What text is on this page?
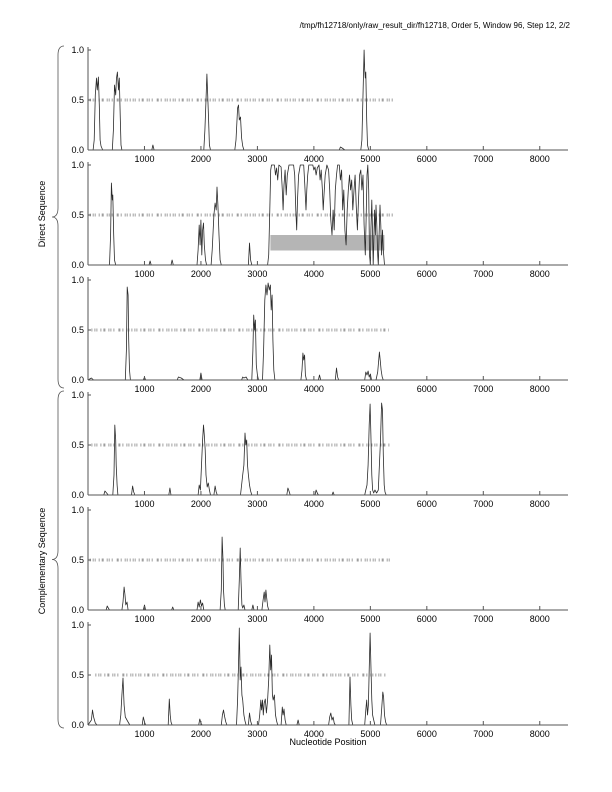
/tmp/fh12718/only/raw_result_dir/fh12718, Order 5, Window 96, Step 12, 2/2
Direct Sequence
Complementary Sequence
Nucleotide Position
1.0
0.5
0.0
1000	2000	3000	4000	5000	6000	7000	8000
1.0
0.5
0.0
1000	2000	3000	4000	5000	6000	7000	8000
1.0
0.5
0.0
1000	2000	3000	4000	5000	6000	7000	8000
1.0
0.5
0.0
1000	2000	3000	4000	5000	6000	7000	8000
1.0
0.5
0.0
1000	2000	3000	4000	5000	6000	7000	8000
1.0
0.5
0.0
1000	2000	3000	4000	5000	6000	7000	8000
